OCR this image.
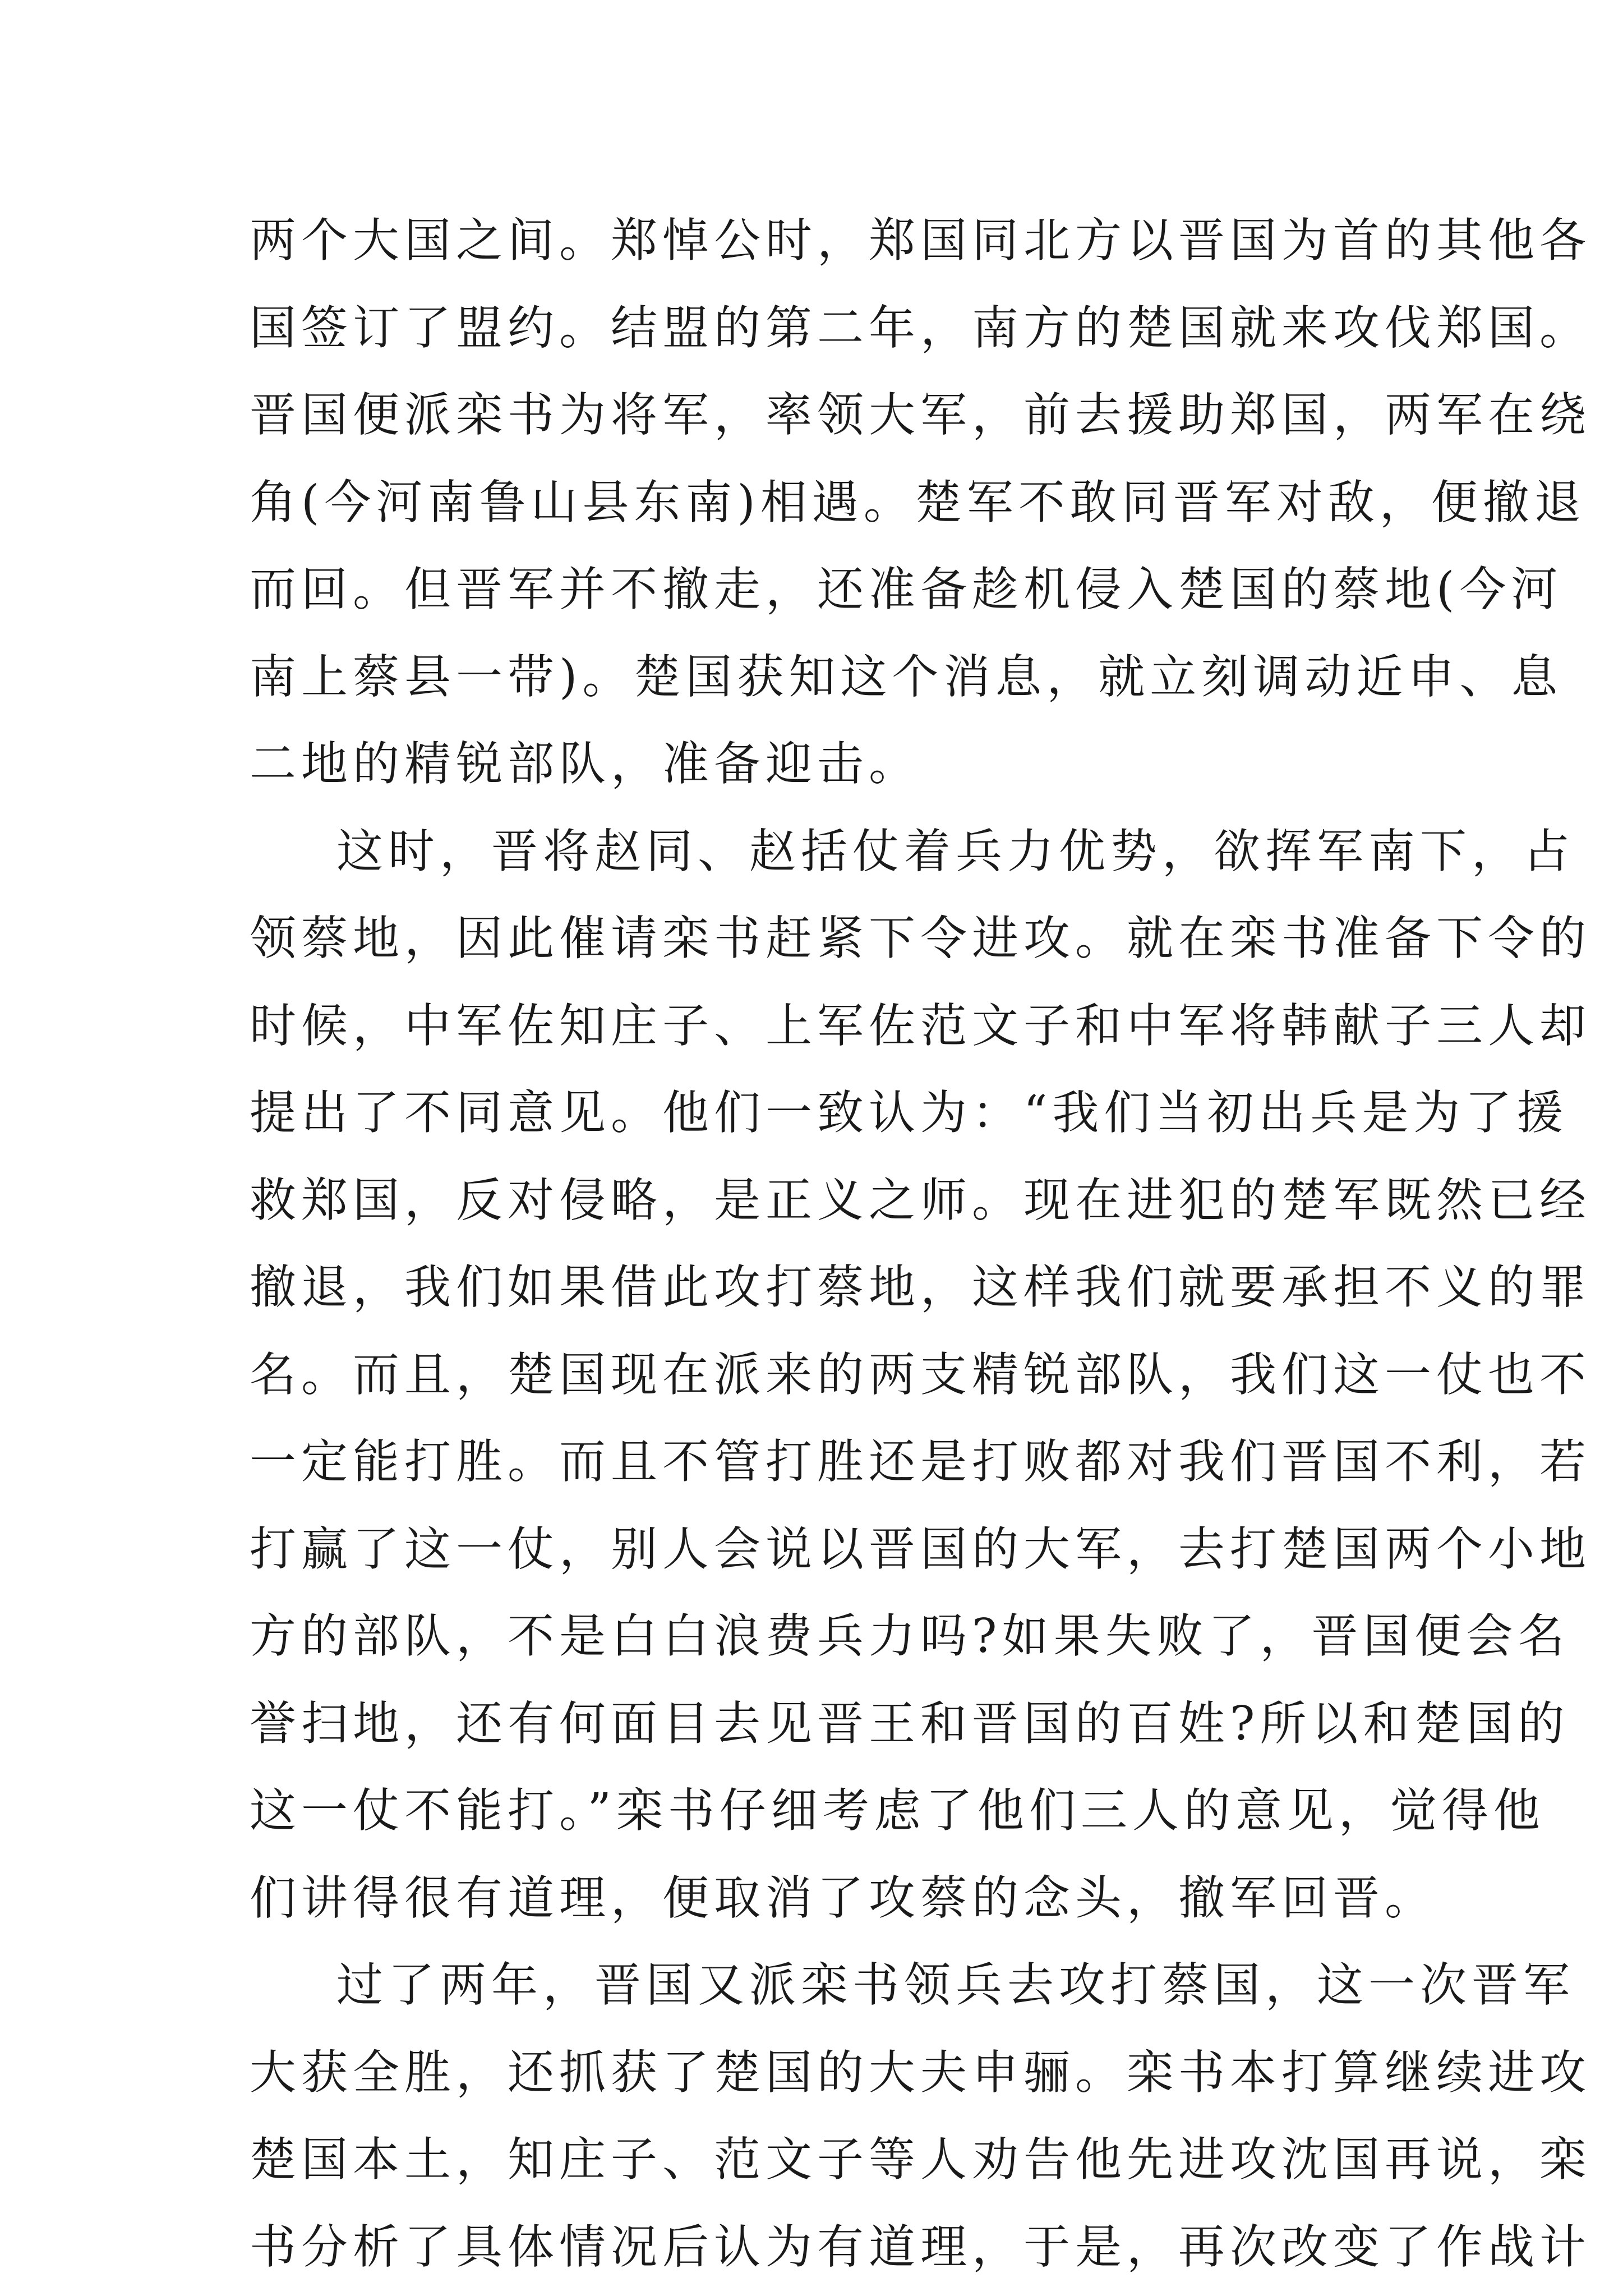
两个大国之间。郑悼公时，郑国同北方以晋国为首的其他各
国签订了盟约。结盟的第二年，南方的楚国就来攻伐郑国。
晋国便派栾书为将军，率领大军，前去援助郑国，两军在绕
角(今河南鲁山县东南)相遇。楚军不敢同晋军对敌，便撤退
而回。但晋军并不撤走，还准备趁机侵入楚国的蔡地(今河
南上蔡县一带)。楚国获知这个消息，就立刻调动近申、息
二地的精锐部队，准备迎击。
这时，晋将赵同、赵括仗着兵力优势，欲挥军南下，占
领蔡地，因此催请栾书赶紧下令进攻。就在栾书准备下令的
时候，中军佐知庄子、上军佐范文子和中军将韩献子三人却
提出了不同意见。他们一致认为：“我们当初出兵是为了援
救郑国，反对侵略，是正义之师。现在进犯的楚军既然已经
撤退，我们如果借此攻打蔡地，这样我们就要承担不义的罪
名。而且，楚国现在派来的两支精锐部队，我们这一仗也不
一定能打胜。而且不管打胜还是打败都对我们晋国不利，若
打赢了这一仗，别人会说以晋国的大军，去打楚国两个小地
方的部队，不是白白浪费兵力吗?如果失败了，晋国便会名
誉扫地，还有何面目去见晋王和晋国的百姓?所以和楚国的
这一仗不能打。”栾书仔细考虑了他们三人的意见，觉得他
们讲得很有道理，便取消了攻蔡的念头，撤军回晋。
过了两年，晋国又派栾书领兵去攻打蔡国，这一次晋军
大获全胜，还抓获了楚国的大夫申骊。栾书本打算继续进攻
楚国本土，知庄子、范文子等人劝告他先进攻沈国再说，栾
书分析了具体情况后认为有道理，于是，再次改变了作战计
